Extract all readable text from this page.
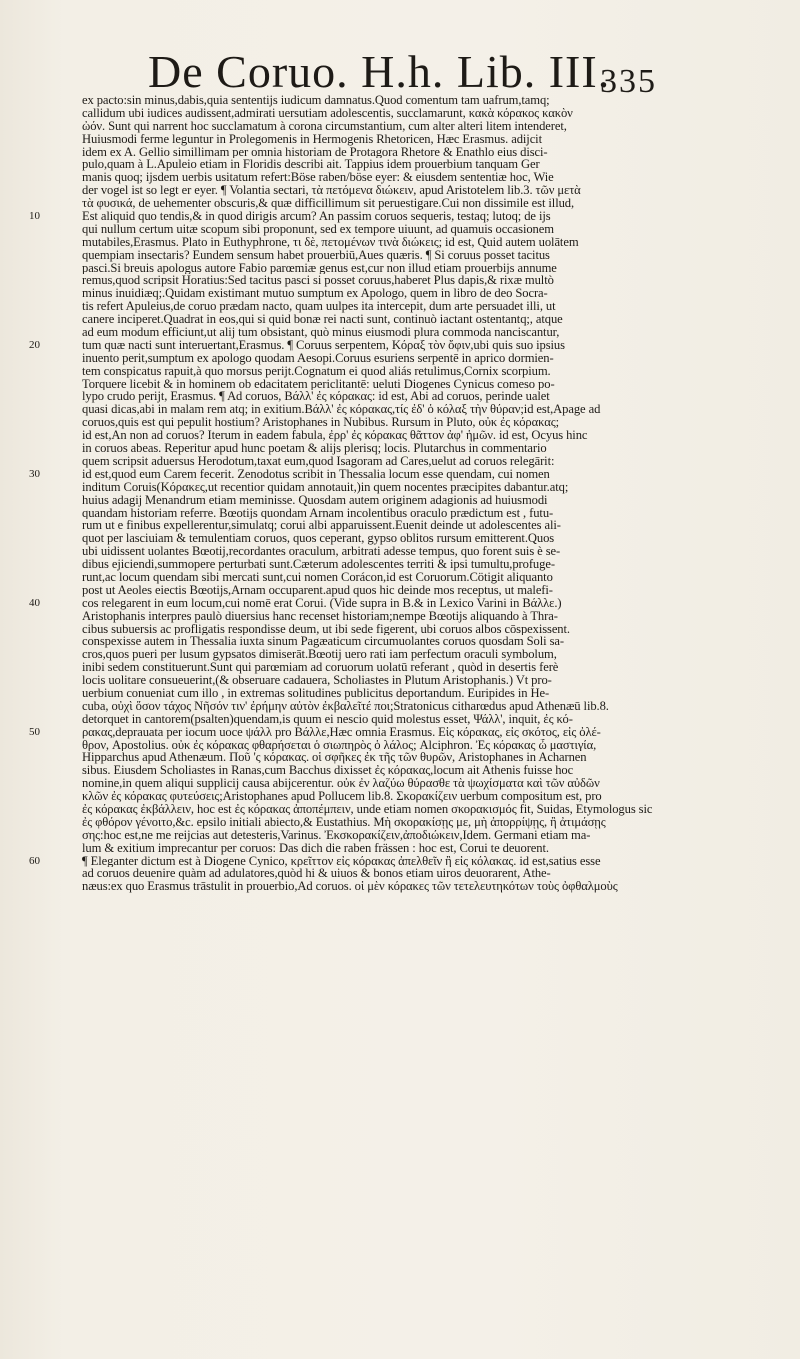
De Coruo. H.h. Lib. III.
335
ex pacto:sin minus,dabis,quia sententijs iudicum damnatus.Quod comentum tam uafrum,tamq;
callidum ubi iudices audissent,admirati uersutiam adolescentis, succlamarunt, κακὰ κόρακος κακὸν
ὠόν. Sunt qui narrent hoc succlamatum à corona circumstantium, cum alter alteri litem intenderet,
Huiusmodi ferme leguntur in Prolegomenis in Hermogenis Rhetoricen, Hæc Erasmus. adijcit
idem ex A. Gellio simillimam per omnia historiam de Protagora Rhetore & Enathlo eius disci-
pulo,quam à L.Apuleio etiam in Floridis describi ait. Tappius idem prouerbium tanquam Ger
manis quoq; ijsdem uerbis usitatum refert:Böse raben/böse eyer: & eiusdem sententiæ hoc, Wie
der vogel ist so legt er eyer. ¶ Volantia sectari, τὰ πετόμενα διώκειν, apud Aristotelem lib.3. τῶν μετὰ
τὰ φυσικά, de uehementer obscuris,& quæ difficillimum sit peruestigare.Cui non dissimile est illud,
Est aliquid quo tendis,& in quod dirigis arcum? An passim coruos sequeris, testaq; lutoq; de ijs
qui nullum certum uitæ scopum sibi proponunt, sed ex tempore uiuunt, ad quamuis occasionem
mutabiles,Erasmus. Plato in Euthyphrone, τι δὲ, πετομένων τινὰ διώκεις; id est, Quid autem uolātem
quempiam insectaris? Eundem sensum habet prouerbiū,Aues quæris. ¶ Si coruus posset tacitus
pasci.Si breuis apologus autore Fabio parœmiæ genus est,cur non illud etiam prouerbijs annume
remus,quod scripsit Horatius:Sed tacitus pasci si posset coruus,haberet Plus dapis,& rixæ multò
minus inuidiæq;.Quidam existimant mutuo sumptum ex Apologo, quem in libro de deo Socra-
tis refert Apuleius,de coruo prædam nacto, quam uulpes ita intercepit, dum arte persuadet illi, ut
canere inciperet.Quadrat in eos,qui si quid bonæ rei nacti sunt, continuò iactant ostentantq;, atque
ad eum modum efficiunt,ut alij tum obsistant, quò minus eiusmodi plura commoda nanciscantur,
tum quæ nacti sunt interuertant,Erasmus. ¶ Coruus serpentem, Κόραξ τὸν ὄφιν,ubi quis suo ipsius
inuento perit,sumptum ex apologo quodam Aesopi.Coruus esuriens serpentē in aprico dormien-
tem conspicatus rapuit,à quo morsus perijt.Cognatum ei quod aliás retulimus,Cornix scorpium.
Torquere licebit & in hominem ob edacitatem periclitantē: ueluti Diogenes Cynicus comeso po-
lypo crudo perijt, Erasmus. ¶ Ad coruos, Βάλλ' ἐς κόρακας: id est, Abi ad coruos, perinde ualet
quasi dicas,abi in malam rem atq; in exitium.Βάλλ' ἐς κόρακας,τίς ἐδ' ὁ κόλαξ τὴν θύραν;id est,Apage ad
coruos,quis est qui pepulit hostium? Aristophanes in Nubibus. Rursum in Pluto, οὐκ ἐς κόρακας;
id est,An non ad coruos? Iterum in eadem fabula, ἐρρ' ἐς κόρακας θᾶττον ἀφ' ἡμῶν. id est, Ocyus hinc
in coruos abeas. Reperitur apud hunc poetam & alijs plerisq; locis. Plutarchus in commentario
quem scripsit aduersus Herodotum,taxat eum,quod Isagoram ad Cares,uelut ad coruos relegārit:
id est,quod eum Carem fecerit. Zenodotus scribit in Thessalia locum esse quendam, cui nomen
inditum Coruis(Κόρακες,ut recentior quidam annotauit,)in quem nocentes præcipites dabantur.atq;
huius adagij Menandrum etiam meminisse. Quosdam autem originem adagionis ad huiusmodi
quandam historiam referre. Bœotijs quondam Arnam incolentibus oraculo prædictum est , futu-
rum ut e finibus expellerentur,simulatq; corui albi apparuissent.Euenit deinde ut adolescentes ali-
quot per lasciuiam & temulentiam coruos, quos ceperant, gypso oblitos rursum emitterent.Quos
ubi uidissent uolantes Bœotij,recordantes oraculum, arbitrati adesse tempus, quo forent suis è se-
dibus ejiciendi,summopere perturbati sunt.Cæterum adolescentes territi & ipsi tumultu,profuge-
runt,ac locum quendam sibi mercati sunt,cui nomen Corácon,id est Coruorum.Cötigit aliquanto
post ut Aeoles eiectis Bœotijs,Arnam occuparent.apud quos hic deinde mos receptus, ut malefi-
cos relegarent in eum locum,cui nomē erat Corui. (Vide supra in B.& in Lexico Varini in Βάλλε.)
Aristophanis interpres paulò diuersius hanc recenset historiam;nempe Bœotijs aliquando à Thra-
cibus subuersis ac profligatis respondisse deum, ut ibi sede figerent, ubi coruos albos cōspexissent.
conspexisse autem in Thessalia iuxta sinum Pagæaticum circumuolantes coruos quosdam Soli sa-
cros,quos pueri per lusum gypsatos dimiserāt.Bœotij uero rati iam perfectum oraculi symbolum,
inibi sedem constituerunt.Sunt qui parœmiam ad coruorum uolatū referant , quòd in desertis ferè
locis uolitare consueuerint,(& obseruare cadauera, Scholiastes in Plutum Aristophanis.) Vt pro-
uerbium conueniat cum illo , in extremas solitudines publicitus deportandum. Euripides in He-
cuba, οὐχὶ ὅσον τάχος Νῆσόν τιν' ἐρήμην αὐτὸν ἐκβαλεῖτέ ποι;Stratonicus citharœdus apud Athenæū lib.8.
detorquet in cantorem(psalten)quendam,is quum ei nescio quid molestus esset, Ψάλλ', inquit, ἐς κό-
ρακας,deprauata per iocum uoce ψάλλ pro Βάλλε,Hæc omnia Erasmus. Εἰς κόρακας, εἰς σκότος, εἰς ὀλέ-
θρον, Apostolius. οὐκ ἐς κόρακας φθαρήσεται ὁ σιωπηρὸς ὁ λάλος; Alciphron. Ἐς κόρακας ὦ μαστιγία,
Hipparchus apud Athenæum. Ποῦ 'ς κόρακας. οἱ σφῆκες ἐκ τῆς τῶν θυρῶν, Aristophanes in Acharnen
sibus. Eiusdem Scholiastes in Ranas,cum Bacchus dixisset ἐς κόρακας,locum ait Athenis fuisse hoc
nomine,in quem aliqui supplicij causa abijcerentur. οὐκ ἐν λαζύω θύρασθε τὰ ψωχίσματα καὶ τῶν αὐδῶν
κλῶν ἐς κόρακας φυτεύσεις;Aristophanes apud Pollucem lib.8. Σκορακίζειν uerbum compositum est, pro
ἐς κόρακας ἐκβάλλειν, hoc est ἐς κόρακας ἀποπέμπειν, unde etiam nomen σκορακισμός fit, Suidas, Etymologus sic
ἐς φθόρον γένοιτο,&c. epsilo initiali abiecto,& Eustathius. Μὴ σκορακίσῃς με, μὴ ἀπορρίψῃς, ἢ ἀτιμάσῃς
σης:hoc est,ne me reijcias aut detesteris,Varinus. Ἐκσκορακίζειν,ἀποδιώκειν,Idem. Germani etiam ma-
lum & exitium imprecantur per coruos: Das dich die raben frässen : hoc est, Corui te deuorent.
¶ Eleganter dictum est à Diogene Cynico, κρεῖττον εἰς κόρακας ἀπελθεῖν ἢ εἰς κόλακας. id est,satius esse
ad coruos deuenire quàm ad adulatores,quòd hi & uiuos & bonos etiam uiros deuorarent, Athe-
næus:ex quo Erasmus trāstulit in prouerbio,Ad coruos. οἱ μὲν κόρακες τῶν τετελευτηκότων τοὺς ὀφθαλμοὺς
10
20
30
40
50
60
